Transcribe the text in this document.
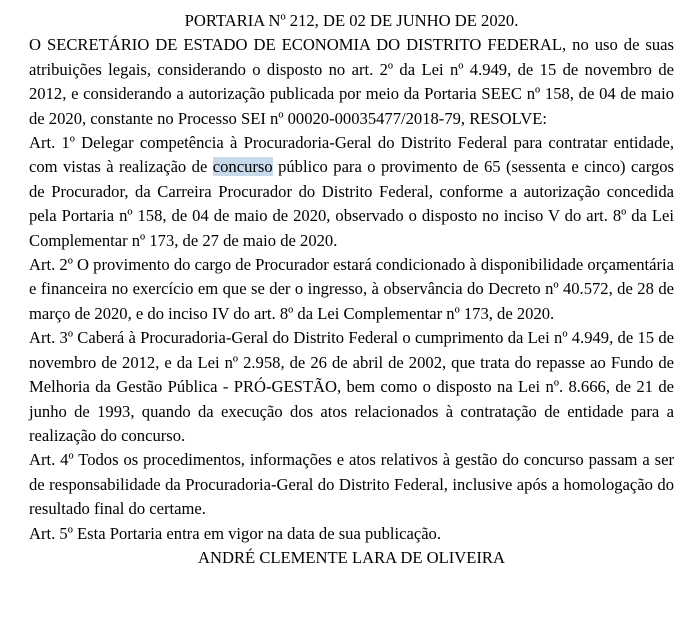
PORTARIA Nº 212, DE 02 DE JUNHO DE 2020.

O SECRETÁRIO DE ESTADO DE ECONOMIA DO DISTRITO FEDERAL, no uso de suas atribuições legais, considerando o disposto no art. 2º da Lei nº 4.949, de 15 de novembro de 2012, e considerando a autorização publicada por meio da Portaria SEEC nº 158, de 04 de maio de 2020, constante no Processo SEI nº 00020-00035477/2018-79, RESOLVE:

Art. 1º Delegar competência à Procuradoria-Geral do Distrito Federal para contratar entidade, com vistas à realização de concurso público para o provimento de 65 (sessenta e cinco) cargos de Procurador, da Carreira Procurador do Distrito Federal, conforme a autorização concedida pela Portaria nº 158, de 04 de maio de 2020, observado o disposto no inciso V do art. 8º da Lei Complementar nº 173, de 27 de maio de 2020.

Art. 2º O provimento do cargo de Procurador estará condicionado à disponibilidade orçamentária e financeira no exercício em que se der o ingresso, à observância do Decreto nº 40.572, de 28 de março de 2020, e do inciso IV do art. 8º da Lei Complementar nº 173, de 2020.

Art. 3º Caberá à Procuradoria-Geral do Distrito Federal o cumprimento da Lei nº 4.949, de 15 de novembro de 2012, e da Lei nº 2.958, de 26 de abril de 2002, que trata do repasse ao Fundo de Melhoria da Gestão Pública - PRÓ-GESTÃO, bem como o disposto na Lei nº. 8.666, de 21 de junho de 1993, quando da execução dos atos relacionados à contratação de entidade para a realização do concurso.

Art. 4º Todos os procedimentos, informações e atos relativos à gestão do concurso passam a ser de responsabilidade da Procuradoria-Geral do Distrito Federal, inclusive após a homologação do resultado final do certame.

Art. 5º Esta Portaria entra em vigor na data de sua publicação.

ANDRÉ CLEMENTE LARA DE OLIVEIRA
